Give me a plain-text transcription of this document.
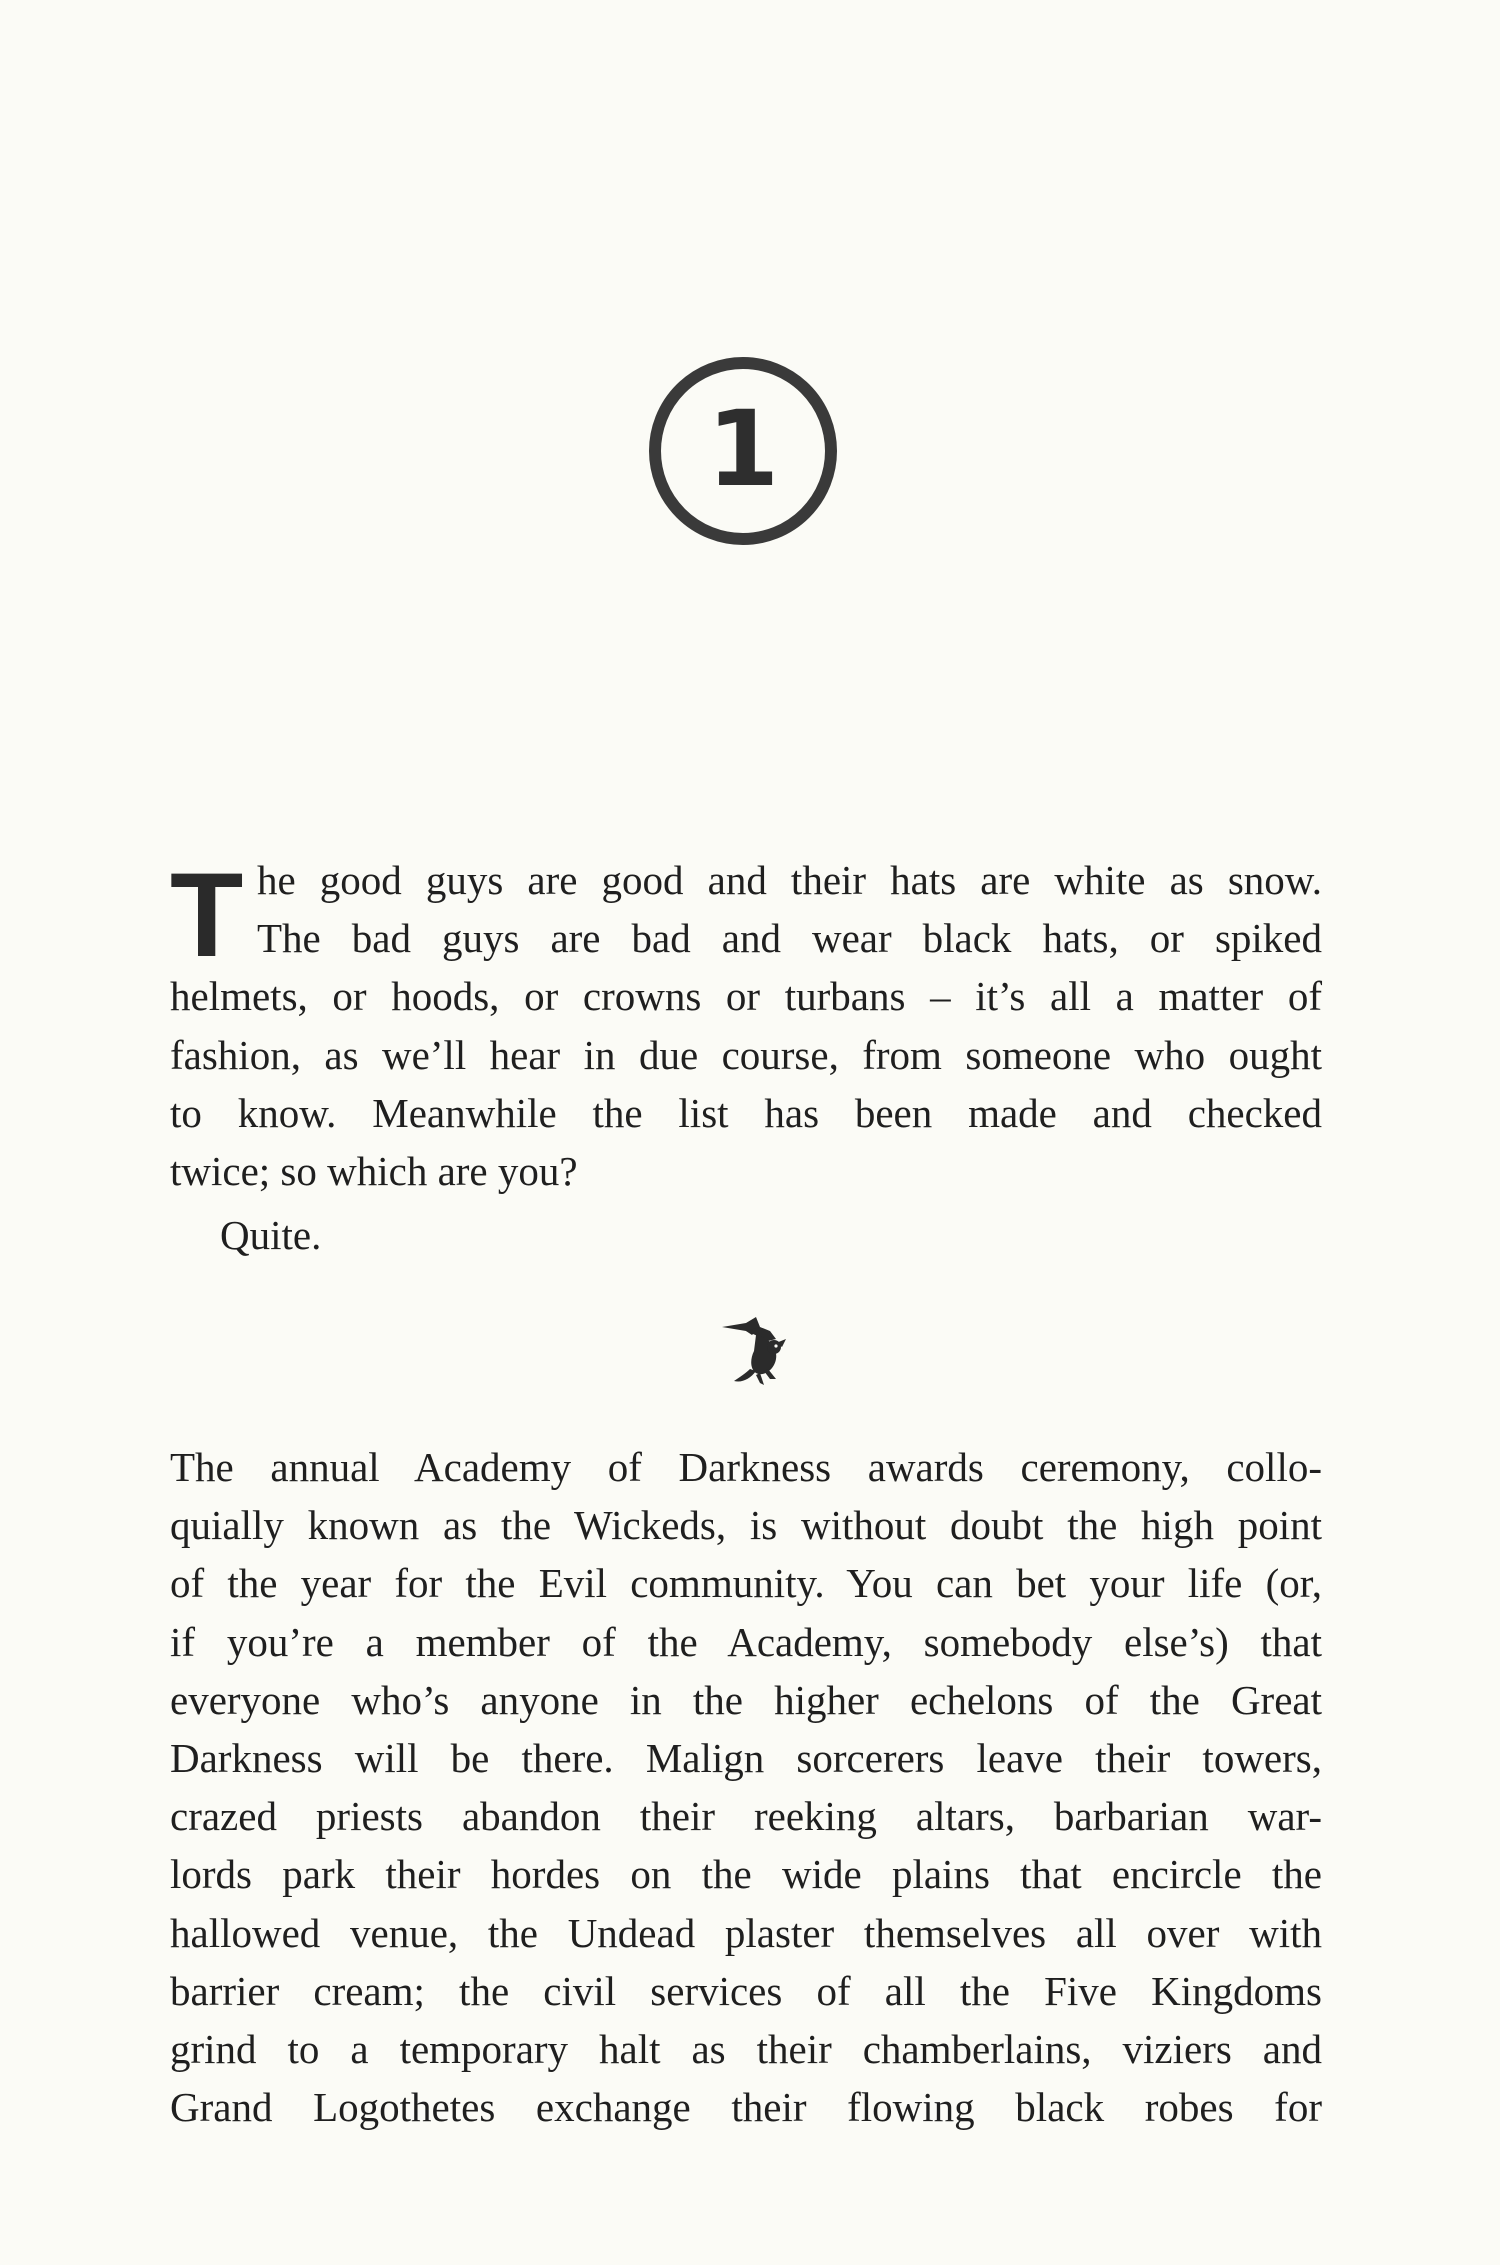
1
T he good guys are good and their hats are white as snow.
The bad guys are bad and wear black hats, or spiked
helmets, or hoods, or crowns or turbans – it’s all a matter of
fashion, as we’ll hear in due course, from someone who ought
to know. Meanwhile the list has been made and checked
twice; so which are you?
Quite.
The annual Academy of Darkness awards ceremony, collo-
quially known as the Wickeds, is without doubt the high point
of the year for the Evil community. You can bet your life (or,
if you’re a member of the Academy, somebody else’s) that
everyone who’s anyone in the higher echelons of the Great
Darkness will be there. Malign sorcerers leave their towers,
crazed priests abandon their reeking altars, barbarian war-
lords park their hordes on the wide plains that encircle the
hallowed venue, the Undead plaster themselves all over with
barrier cream; the civil services of all the Five Kingdoms
grind to a temporary halt as their chamberlains, viziers and
Grand Logothetes exchange their flowing black robes for
